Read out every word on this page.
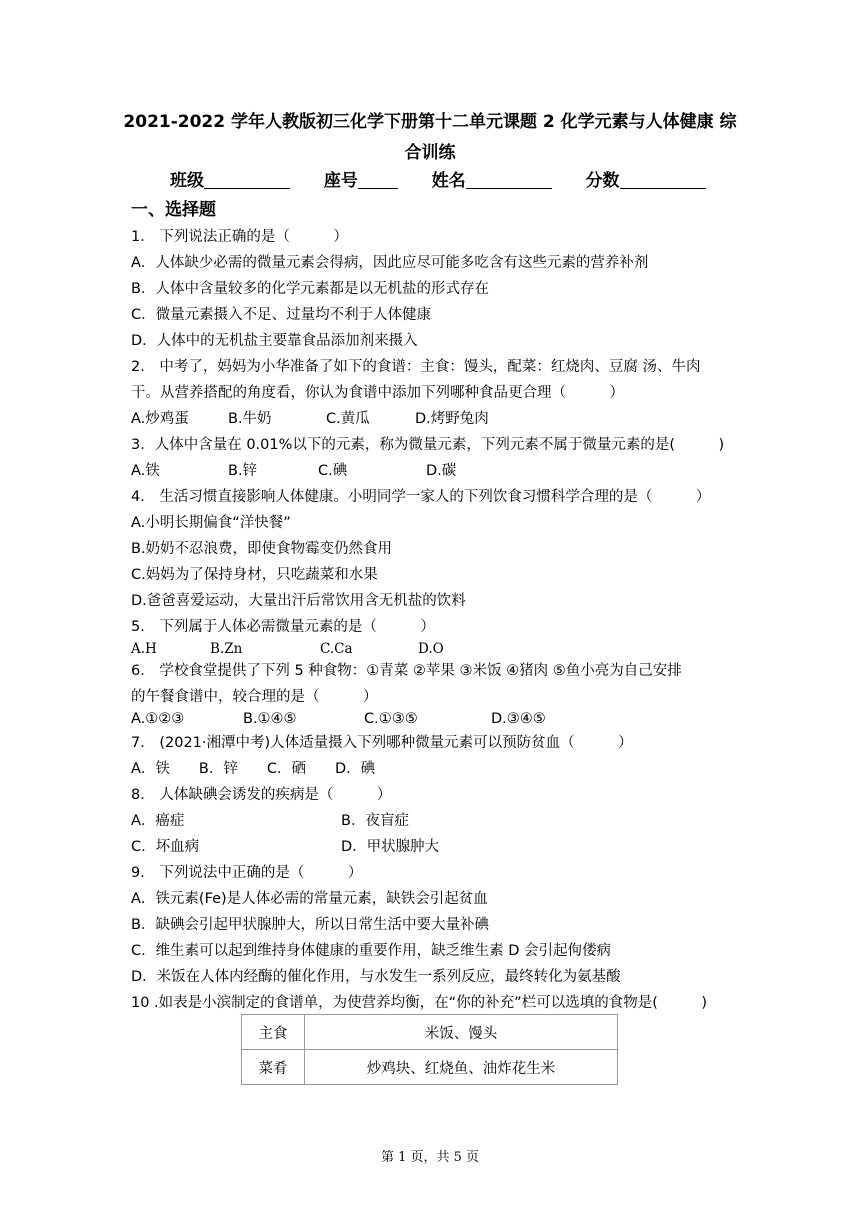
2021-2022 学年人教版初三化学下册第十二单元课题 2 化学元素与人体健康 综
合训练
班级	座号	姓名	分数
一、选择题
1． 下列说法正确的是（　　　）
A．人体缺少必需的微量元素会得病，因此应尽可能多吃含有这些元素的营养补剂
B．人体中含量较多的化学元素都是以无机盐的形式存在
C．微量元素摄入不足、过量均不利于人体健康
D．人体中的无机盐主要靠食品添加剂来摄入
2． 中考了，妈妈为小华准备了如下的食谱：主食：馒头，配菜：红烧肉、豆腐 汤、牛肉
干。从营养搭配的角度看，你认为食谱中添加下列哪种食品更合理（　　　）
A.炒鸡蛋	B.牛奶	C.黄瓜	D.烤野兔肉
3．人体中含量在 0.01%以下的元素，称为微量元素，下列元素不属于微量元素的是(　　　)
A.铁	B.锌	C.碘	D.碳
4． 生活习惯直接影响人体健康。小明同学一家人的下列饮食习惯科学合理的是（　　　）
A.小明长期偏食“洋快餐”
B.奶奶不忍浪费，即使食物霉变仍然食用
C.妈妈为了保持身材，只吃蔬菜和水果
D.爸爸喜爱运动，大量出汗后常饮用含无机盐的饮料
5． 下列属于人体必需微量元素的是（　　　）
A.H	B.Zn	C.Ca	D.O
6． 学校食堂提供了下列 5 种食物：①青菜 ②苹果 ③米饭 ④猪肉 ⑤鱼小亮为自己安排
的午餐食谱中，较合理的是（　　　）
A.①②③	B.①④⑤	C.①③⑤	D.③④⑤
7． (2021·湘潭中考)人体适量摄入下列哪种微量元素可以预防贫血（　　　）
A．铁　　B．锌　　C．硒　　D．碘
8． 人体缺碘会诱发的疾病是（　　　）
A．癌症	B．夜盲症
C．坏血病	D．甲状腺肿大
9． 下列说法中正确的是（　　　）
A．铁元素(Fe)是人体必需的常量元素，缺铁会引起贫血
B．缺碘会引起甲状腺肿大，所以日常生活中要大量补碘
C．维生素可以起到维持身体健康的重要作用，缺乏维生素 D 会引起佝偻病
D．米饭在人体内经酶的催化作用，与水发生一系列反应，最终转化为氨基酸
10 .如表是小滨制定的食谱单，为使营养均衡，在“你的补充”栏可以选填的食物是(　　　)
主食	米饭、馒头
菜肴	炒鸡块、红烧鱼、油炸花生米
第 1 页，共 5 页
